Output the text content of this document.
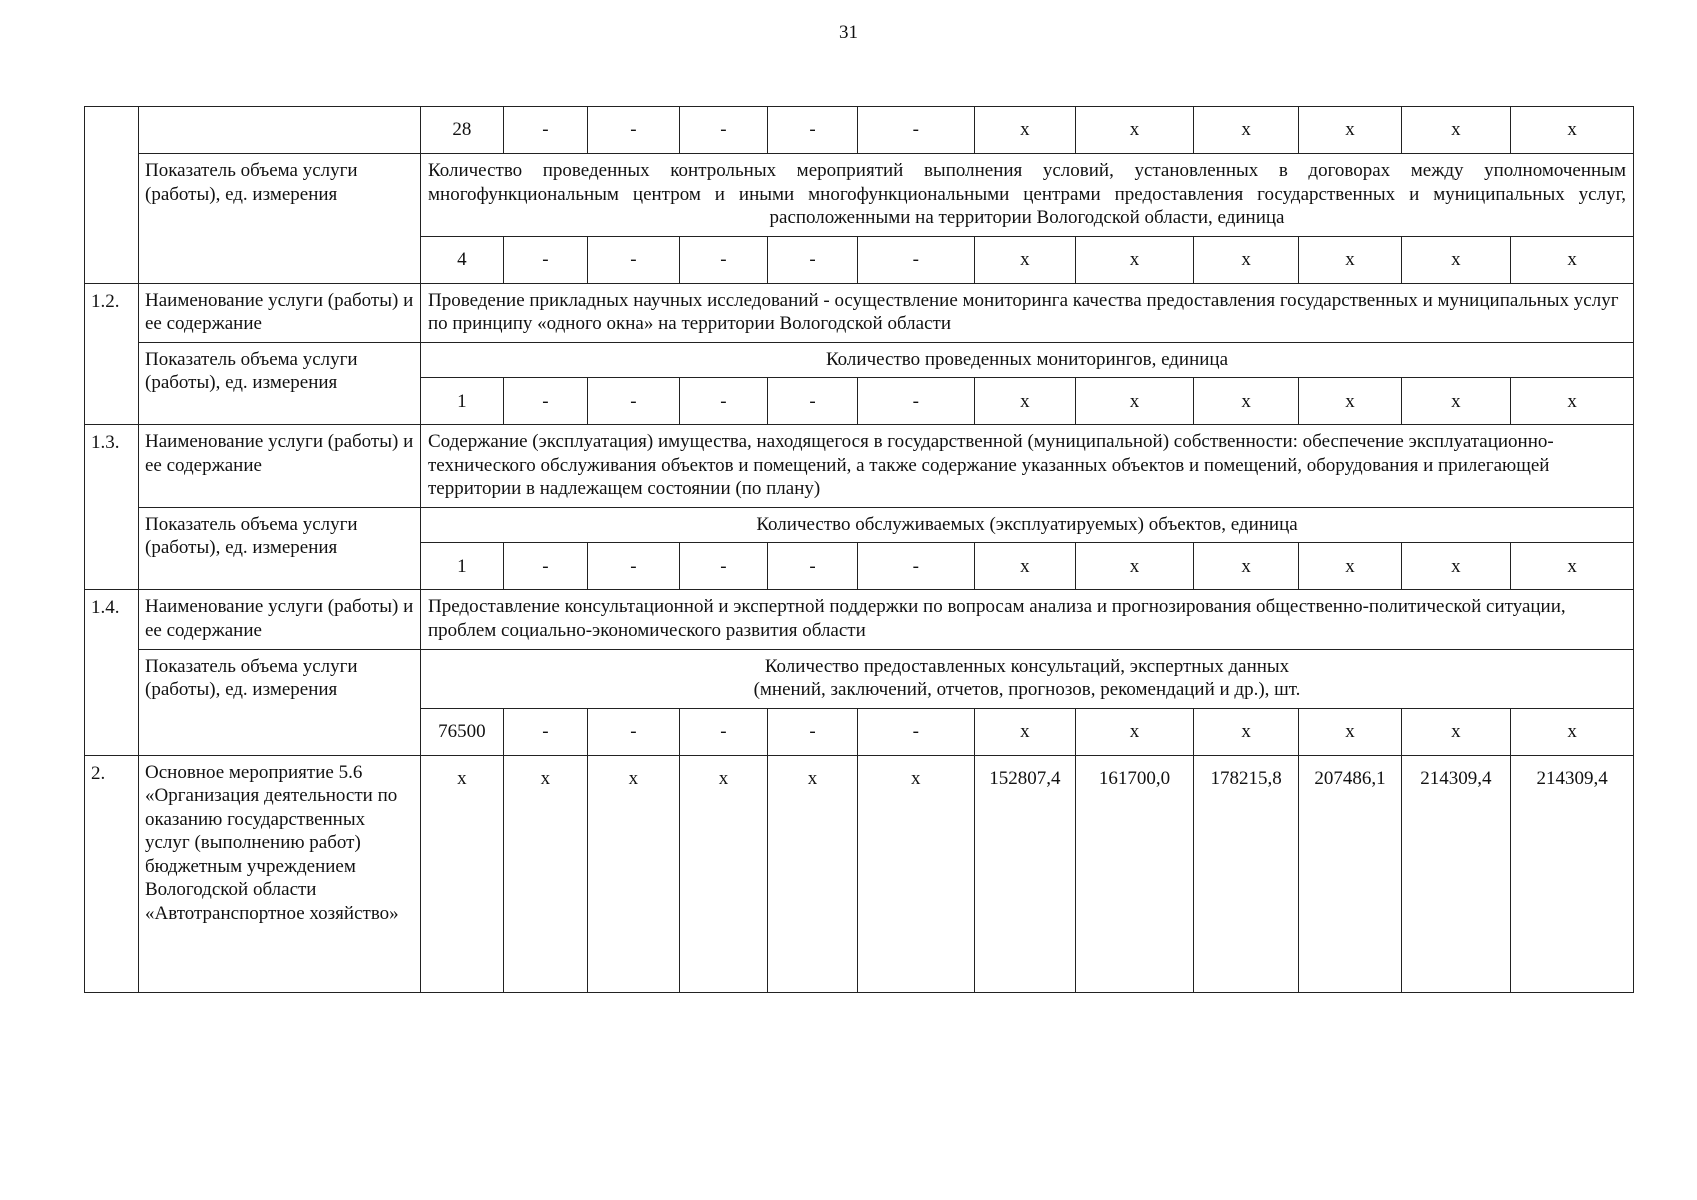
31

28	-	-	-	-	-	x	x	x	x	x	x

Показатель объема услуги (работы), ед. измерения	
Количество проведенных контрольных мероприятий выполнения условий, установленных в договорах между уполномоченным многофункциональным центром и иными многофункциональными центрами предоставления государственных и муниципальных услуг, расположенными на территории Вологодской области, единица
4	-	-	-	-	-	x	x	x	x	x	x

1.2.	Наименование услуги (работы) и ее содержание	
Проведение прикладных научных исследований - осуществление мониторинга качества предоставления государственных и муниципальных услуг по принципу «одного окна» на территории Вологодской области

Показатель объема услуги (работы), ед. измерения	
Количество проведенных мониторингов, единица
1	-	-	-	-	-	x	x	x	x	x	x

1.3.	Наименование услуги (работы) и ее содержание	
Содержание (эксплуатация) имущества, находящегося в государственной (муниципальной) собственности: обеспечение эксплуатационно-технического обслуживания объектов и помещений, а также содержание указанных объектов и помещений, оборудования и прилегающей территории в надлежащем состоянии (по плану)

Показатель объема услуги (работы), ед. измерения	
Количество обслуживаемых (эксплуатируемых) объектов, единица
1	-	-	-	-	-	x	x	x	x	x	x

1.4.	Наименование услуги (работы) и ее содержание	
Предоставление консультационной и экспертной поддержки по вопросам анализа и прогнозирования общественно-политической ситуации, проблем социально-экономического развития области

Показатель объема услуги (работы), ед. измерения	
Количество предоставленных консультаций, экспертных данных
(мнений, заключений, отчетов, прогнозов, рекомендаций и др.), шт.
76500	-	-	-	-	-	x	x	x	x	x	x

2.	Основное мероприятие 5.6 «Организация деятельности по оказанию государственных услуг (выполнению работ) бюджетным учреждением Вологодской области «Автотранспортное хозяйство»	
x	x	x	x	x	x	152807,4	161700,0	178215,8	207486,1	214309,4	214309,4
